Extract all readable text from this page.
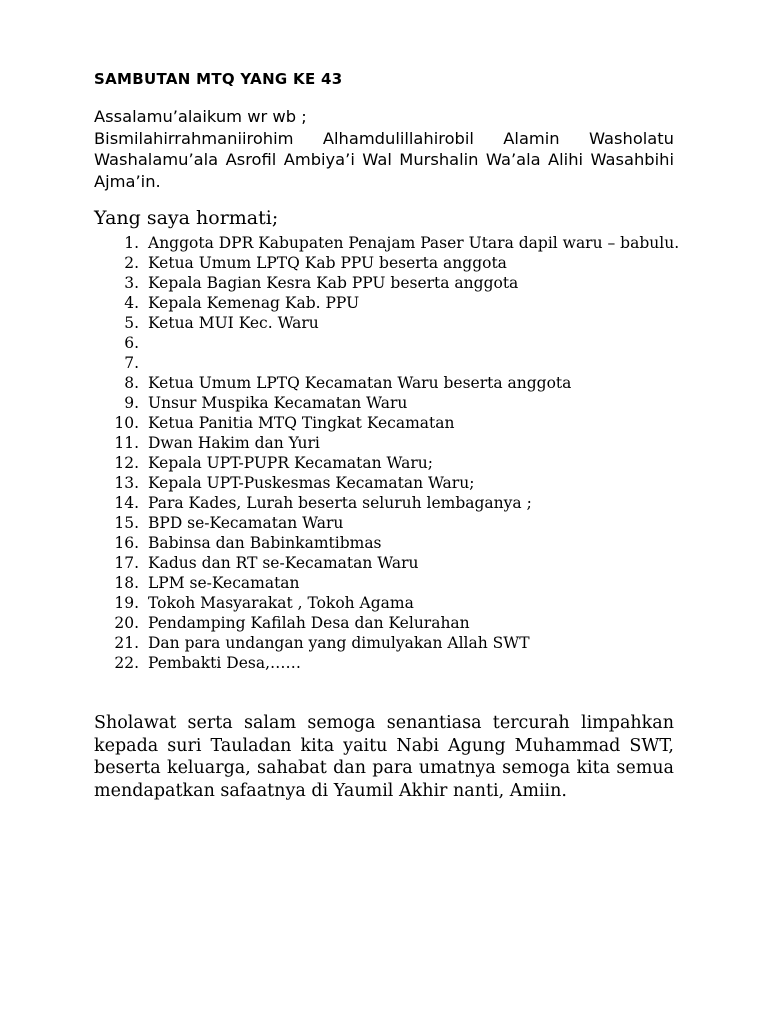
SAMBUTAN MTQ YANG KE 43
Assalamu’alaikum wr wb ;
Bismilahirrahmaniirohim Alhamdulillahirobil Alamin Washolatu Washalamu’ala Asrofil Ambiya’i Wal Murshalin Wa’ala Alihi Wasahbihi Ajma’in.
Yang saya hormati;
1. Anggota DPR Kabupaten Penajam Paser Utara dapil waru – babulu.
2. Ketua Umum LPTQ Kab PPU beserta anggota
3. Kepala Bagian Kesra Kab PPU beserta anggota
4. Kepala Kemenag Kab. PPU
5. Ketua MUI Kec. Waru
6.
7.
8. Ketua Umum LPTQ Kecamatan Waru beserta anggota
9. Unsur Muspika Kecamatan Waru
10. Ketua Panitia MTQ Tingkat Kecamatan
11. Dwan Hakim dan Yuri
12. Kepala UPT-PUPR Kecamatan Waru;
13. Kepala UPT-Puskesmas Kecamatan Waru;
14. Para Kades, Lurah beserta seluruh lembaganya ;
15. BPD se-Kecamatan Waru
16. Babinsa dan Babinkamtibmas
17. Kadus dan RT se-Kecamatan Waru
18. LPM se-Kecamatan
19. Tokoh Masyarakat , Tokoh Agama
20. Pendamping Kafilah Desa dan Kelurahan
21. Dan para undangan yang dimulyakan Allah SWT
22. Pembakti Desa,……

Sholawat serta salam semoga senantiasa tercurah limpahkan kepada suri Tauladan kita yaitu Nabi Agung Muhammad SWT, beserta keluarga, sahabat dan para umatnya semoga kita semua mendapatkan safaatnya di Yaumil Akhir nanti, Amiin.
